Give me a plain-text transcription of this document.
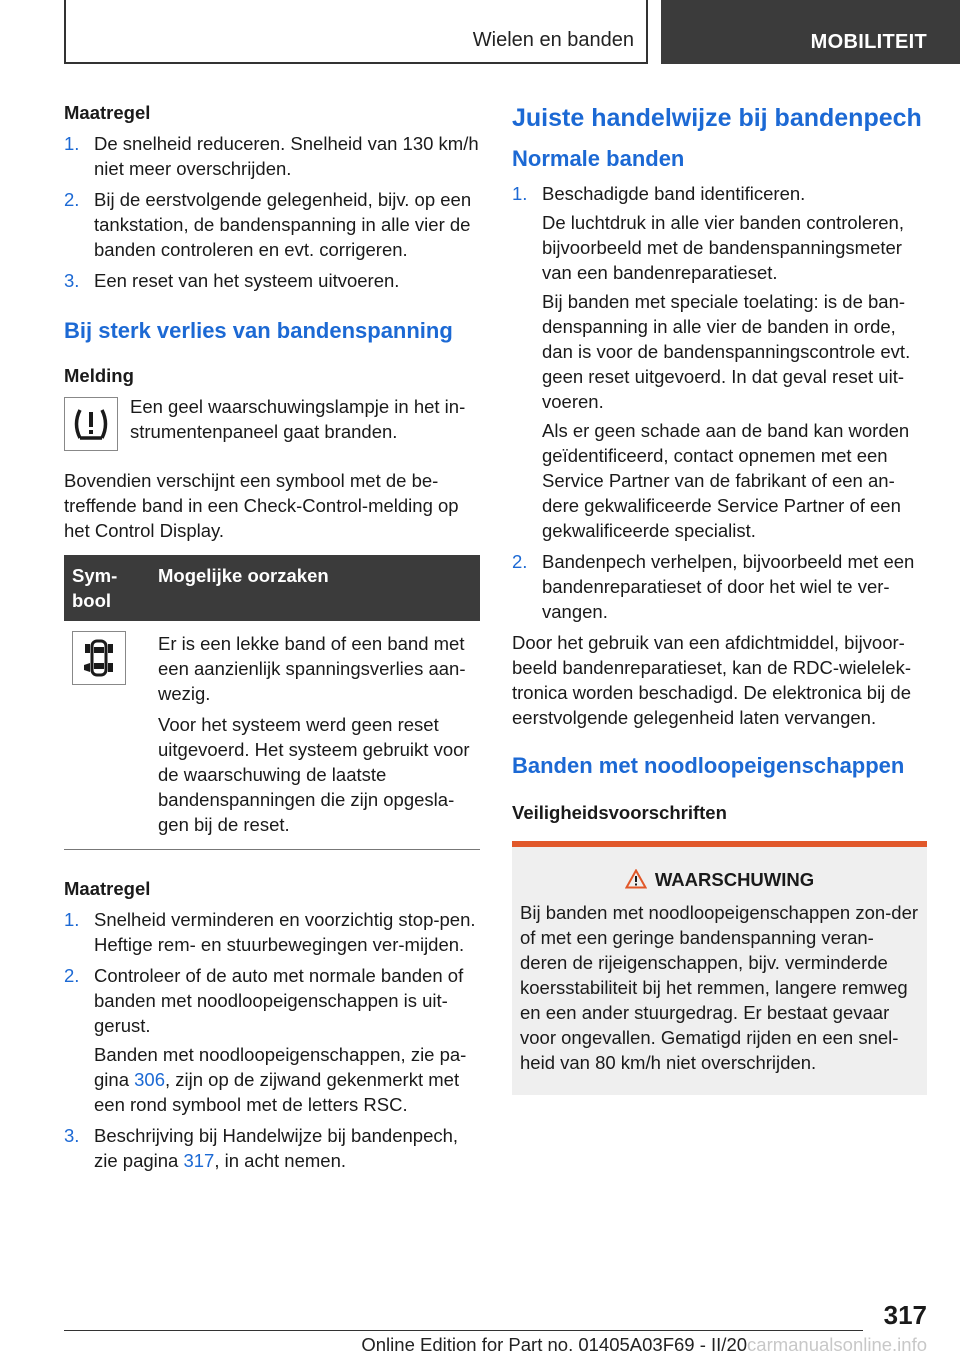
Wielen en banden	MOBILITEIT
Maatregel
1. De snelheid reduceren. Snelheid van 130 km/h niet meer overschrijden.
2. Bij de eerstvolgende gelegenheid, bijv. op een tankstation, de bandenspanning in alle vier de banden controleren en evt. corrigeren.
3. Een reset van het systeem uitvoeren.
Bij sterk verlies van bandenspanning
Melding
Een geel waarschuwingslampje in het in‐strumentenpaneel gaat branden.
Bovendien verschijnt een symbool met de be‐treffende band in een Check-Control-melding op het Control Display.
Sym‐bool	Mogelijke oorzaken

Er is een lekke band of een band met een aanzienlijk spanningsverlies aan‐wezig.
Voor het systeem werd geen reset uitgevoerd. Het systeem gebruikt voor de waarschuwing de laatste bandenspanningen die zijn opgesla‐gen bij de reset.
Maatregel
1. Snelheid verminderen en voorzichtig stop‐pen. Heftige rem- en stuurbewegingen ver‐mijden.
2. Controleer of de auto met normale banden of banden met noodloopeigenschappen is uit‐gerust.
Banden met noodloopeigenschappen, zie pa‐gina 306, zijn op de zijwand gekenmerkt met een rond symbool met de letters RSC.
3. Beschrijving bij Handelwijze bij bandenpech, zie pagina 317, in acht nemen.
Juiste handelwijze bij bandenpech
Normale banden
1. Beschadigde band identificeren.
De luchtdruk in alle vier banden controleren, bijvoorbeeld met de bandenspanningsmeter van een bandenreparatieset.
Bij banden met speciale toelating: is de ban‐denspanning in alle vier de banden in orde, dan is voor de bandenspanningscontrole evt. geen reset uitgevoerd. In dat geval reset uit‐voeren.
Als er geen schade aan de band kan worden geïdentificeerd, contact opnemen met een Service Partner van de fabrikant of een an‐dere gekwalificeerde Service Partner of een gekwalificeerde specialist.
2. Bandenpech verhelpen, bijvoorbeeld met een bandenreparatieset of door het wiel te ver‐vangen.
Door het gebruik van een afdichtmiddel, bijvoor‐beeld bandenreparatieset, kan de RDC-wielelek‐tronica worden beschadigd. De elektronica bij de eerstvolgende gelegenheid laten vervangen.
Banden met noodloopeigenschappen
Veiligheidsvoorschriften
WAARSCHUWING
Bij banden met noodloopeigenschappen zon‐der of met een geringe bandenspanning veran‐deren de rijeigenschappen, bijv. verminderde koersstabiliteit bij het remmen, langere remweg en een ander stuurgedrag. Er bestaat gevaar voor ongevallen. Gematigd rijden en een snel‐heid van 80 km/h niet overschrijden.
317
Online Edition for Part no. 01405A03F69 - II/20carmanualsonline.info
